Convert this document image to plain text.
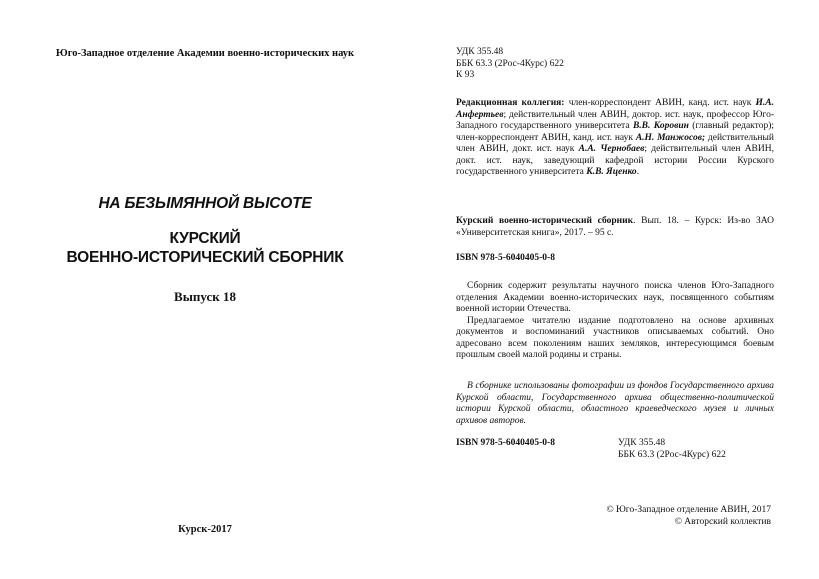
Юго-Западное отделение Академии военно-исторических наук
НА БЕЗЫМЯННОЙ ВЫСОТЕ
КУРСКИЙ
ВОЕННО-ИСТОРИЧЕСКИЙ СБОРНИК
Выпуск 18
Курск-2017
УДК 355.48
ББК 63.3 (2Рос-4Курс) 622
К 93
Редакционная коллегия: член-корреспондент АВИН, канд. ист. наук И.А. Анфертьев; действительный член АВИН, доктор. ист. наук, профессор Юго-Западного государственного университета В.В. Коровин (главный редактор); член-корреспондент АВИН, канд. ист. наук А.Н. Манжосов; действительный член АВИН, докт. ист. наук А.А. Чернобаев; действительный член АВИН, докт. ист. наук, заведующий кафедрой истории России Курского государственного университета К.В. Яценко.
Курский военно-исторический сборник. Вып. 18. – Курск: Из-во ЗАО «Университетская книга», 2017. – 95 с.
ISBN 978-5-6040405-0-8

Сборник содержит результаты научного поиска членов Юго-Западного отделения Академии военно-исторических наук, посвященного событиям военной истории Отечества.

Предлагаемое читателю издание подготовлено на основе архивных документов и воспоминаний участников описываемых событий. Оно адресовано всем поколениям наших земляков, интересующимся боевым прошлым своей малой родины и страны.

В сборнике использованы фотографии из фондов Государственного архива Курской области, Государственного архива общественно-политической истории Курской области, областного краеведческого музея и личных архивов авторов.

ISBN 978-5-6040405-0-8	УДК 355.48
ББК 63.3 (2Рос-4Курс) 622
© Юго-Западное отделение АВИН, 2017
© Авторский коллектив
